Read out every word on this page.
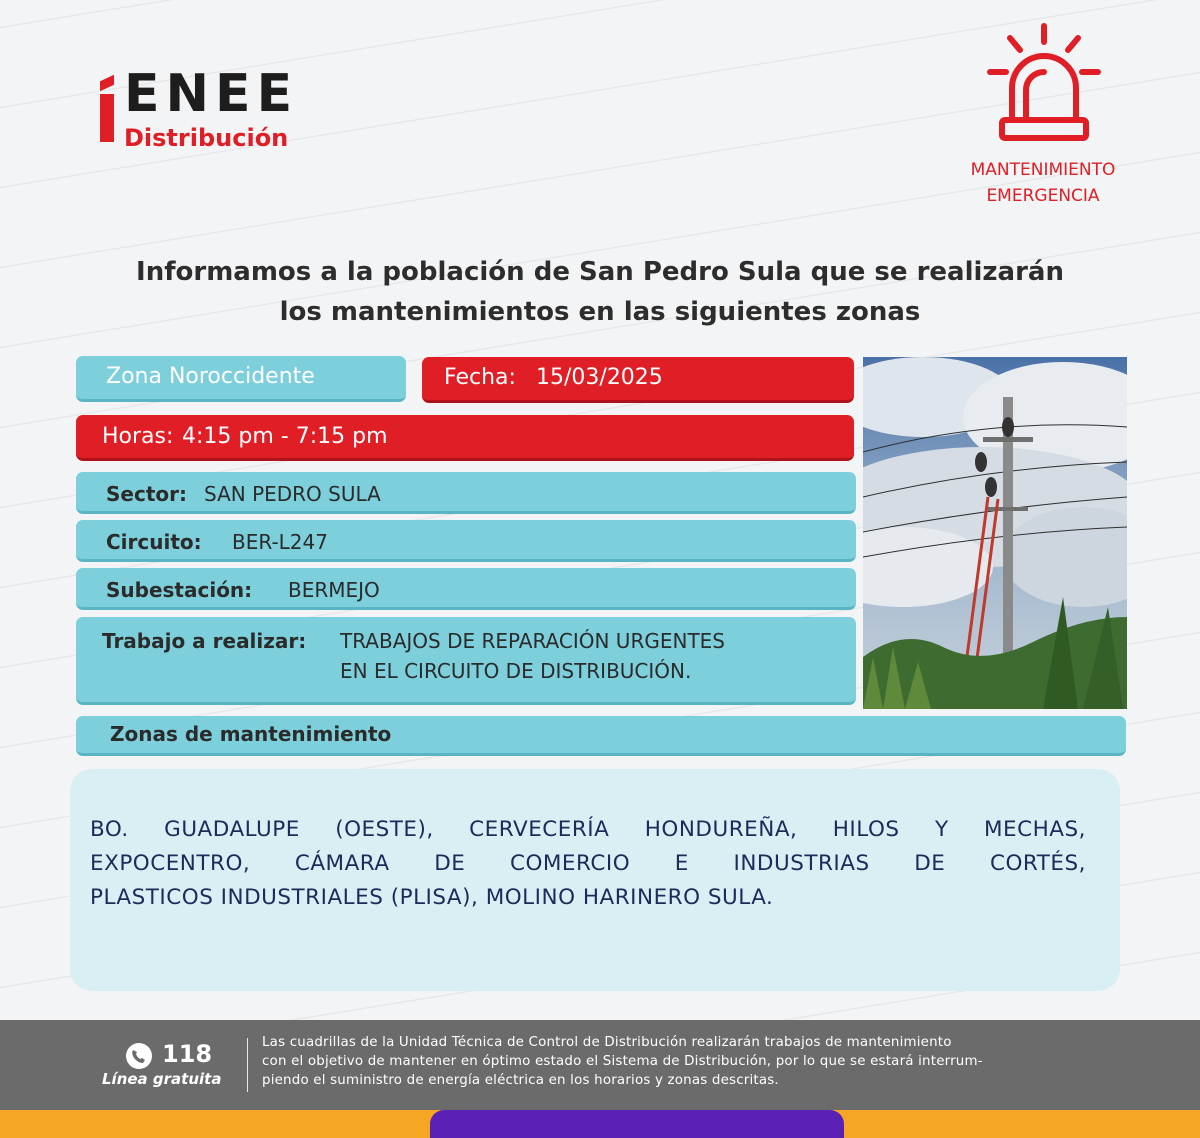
ENEE
Distribución
MANTENIMIENTO
EMERGENCIA
Informamos a la población de San Pedro Sula que se realizarán
los mantenimientos en las siguientes zonas
Zona Noroccidente	Fecha: 15/03/2025
Horas: 4:15 pm - 7:15 pm
Sector: SAN PEDRO SULA
Circuito: BER-L247
Subestación: BERMEJO
Trabajo a realizar: TRABAJOS DE REPARACIÓN URGENTES
EN EL CIRCUITO DE DISTRIBUCIÓN.
Zonas de mantenimiento
BO. GUADALUPE (OESTE), CERVECERÍA HONDUREÑA, HILOS Y MECHAS,
EXPOCENTRO, CÁMARA DE COMERCIO E INDUSTRIAS DE CORTÉS,
PLASTICOS INDUSTRIALES (PLISA), MOLINO HARINERO SULA.
118
Línea gratuita
Las cuadrillas de la Unidad Técnica de Control de Distribución realizarán trabajos de mantenimiento
con el objetivo de mantener en óptimo estado el Sistema de Distribución, por lo que se estará interrum-
piendo el suministro de energía eléctrica en los horarios y zonas descritas.
